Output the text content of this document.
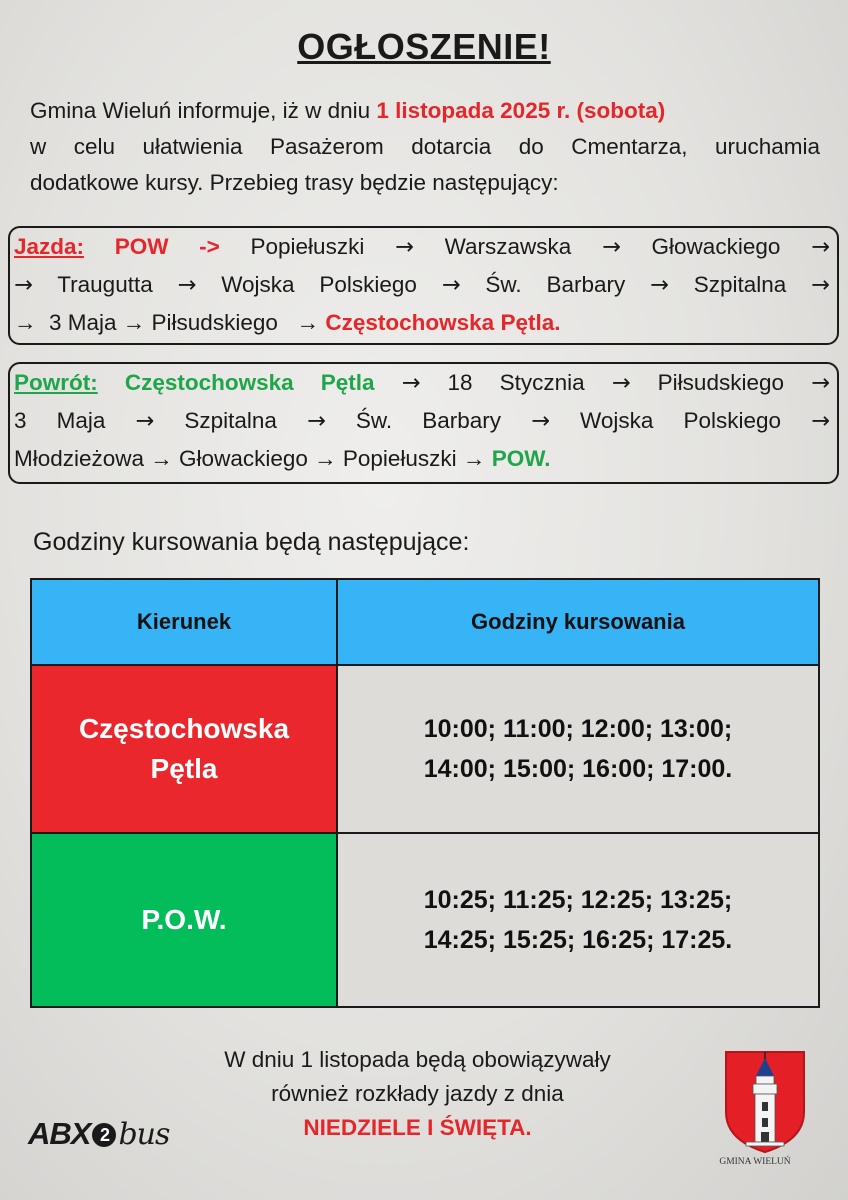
OGŁOSZENIE!
Gmina Wieluń informuje, iż w dniu 1 listopada 2025 r. (sobota)
w celu ułatwienia Pasażerom dotarcia do Cmentarza, uruchamia
dodatkowe kursy. Przebieg trasy będzie następujący:
Jazda: POW -> Popiełuszki → Warszawska → Głowackiego →
→ Traugutta → Wojska Polskiego → Św. Barbary → Szpitalna →
→  3 Maja → Piłsudskiego   → Częstochowska Pętla.
Powrót: Częstochowska Pętla → 18 Stycznia → Piłsudskiego →
3 Maja → Szpitalna → Św. Barbary → Wojska Polskiego →
Młodzieżowa → Głowackiego → Popiełuszki → POW.
Godziny kursowania będą następujące:
Kierunek	Godziny kursowania

Częstochowska Pętla	10:00; 11:00; 12:00; 13:00;
14:00; 15:00; 16:00; 17:00.

P.O.W.	10:25; 11:25; 12:25; 13:25;
14:25; 15:25; 16:25; 17:25.
W dniu 1 listopada będą obowiązywały
również rozkłady jazdy z dnia
NIEDZIELE I ŚWIĘTA.
ABX 2 bus
GMINA WIELUŃ
